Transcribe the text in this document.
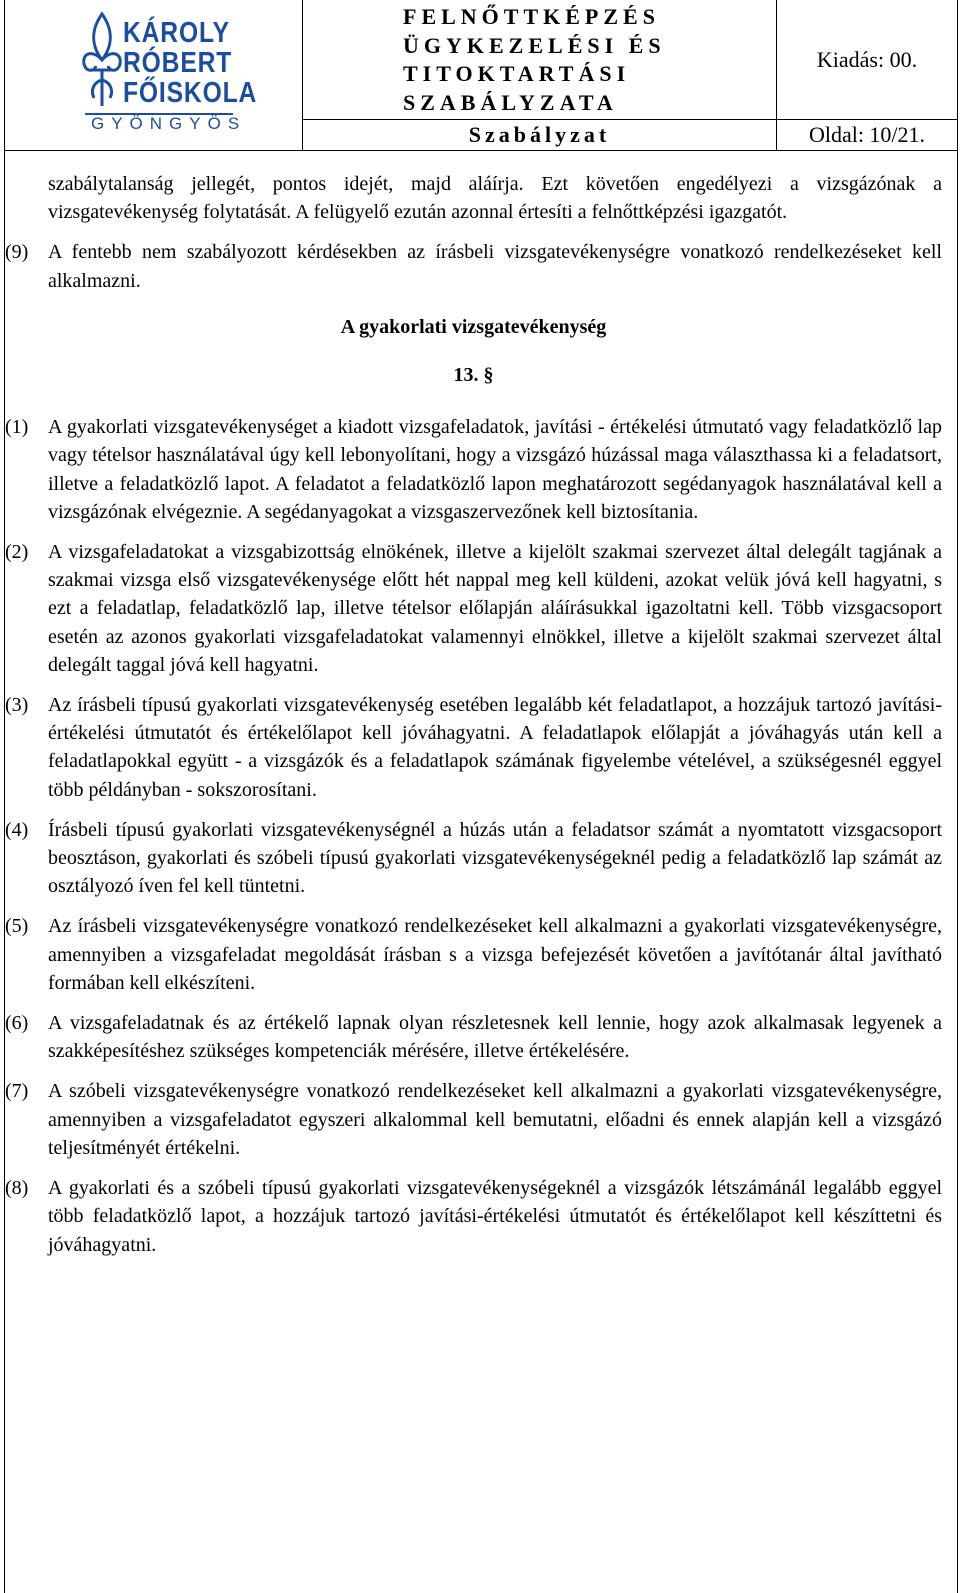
KÁROLY
RÓBERT
FŐISKOLA
GYÖNGYÖS
FELNŐTTKÉPZÉS
ÜGYKEZELÉSI ÉS
TITOKTARTÁSI
SZABÁLYZATA
Kiadás: 00.
Szabályzat	Oldal: 10/21.

szabálytalanság jellegét, pontos idejét, majd aláírja. Ezt követően engedélyezi a vizsgázónak a vizsgatevékenység folytatását. A felügyelő ezután azonnal értesíti a felnőttképzési igazgatót.

(9) A fentebb nem szabályozott kérdésekben az írásbeli vizsgatevékenységre vonatkozó rendelkezéseket kell alkalmazni.
A gyakorlati vizsgatevékenység
13. §
(1) A gyakorlati vizsgatevékenységet a kiadott vizsgafeladatok, javítási - értékelési útmutató vagy feladatközlő lap vagy tételsor használatával úgy kell lebonyolítani, hogy a vizsgázó húzással maga választhassa ki a feladatsort, illetve a feladatközlő lapot. A feladatot a feladatközlő lapon meghatározott segédanyagok használatával kell a vizsgázónak elvégeznie. A segédanyagokat a vizsgaszervezőnek kell biztosítania.
(2) A vizsgafeladatokat a vizsgabizottság elnökének, illetve a kijelölt szakmai szervezet által delegált tagjának a szakmai vizsga első vizsgatevékenysége előtt hét nappal meg kell küldeni, azokat velük jóvá kell hagyatni, s ezt a feladatlap, feladatközlő lap, illetve tételsor előlapján aláírásukkal igazoltatni kell. Több vizsgacsoport esetén az azonos gyakorlati vizsgafeladatokat valamennyi elnökkel, illetve a kijelölt szakmai szervezet által delegált taggal jóvá kell hagyatni.
(3) Az írásbeli típusú gyakorlati vizsgatevékenység esetében legalább két feladatlapot, a hozzájuk tartozó javítási-értékelési útmutatót és értékelőlapot kell jóváhagyatni. A feladatlapok előlapját a jóváhagyás után kell a feladatlapokkal együtt - a vizsgázók és a feladatlapok számának figyelembe vételével, a szükségesnél eggyel több példányban - sokszorosítani.
(4) Írásbeli típusú gyakorlati vizsgatevékenységnél a húzás után a feladatsor számát a nyomtatott vizsgacsoport beosztáson, gyakorlati és szóbeli típusú gyakorlati vizsgatevékenységeknél pedig a feladatközlő lap számát az osztályozó íven fel kell tüntetni.
(5) Az írásbeli vizsgatevékenységre vonatkozó rendelkezéseket kell alkalmazni a gyakorlati vizsgatevékenységre, amennyiben a vizsgafeladat megoldását írásban s a vizsga befejezését követően a javítótanár által javítható formában kell elkészíteni.
(6) A vizsgafeladatnak és az értékelő lapnak olyan részletesnek kell lennie, hogy azok alkalmasak legyenek a szakképesítéshez szükséges kompetenciák mérésére, illetve értékelésére.
(7) A szóbeli vizsgatevékenységre vonatkozó rendelkezéseket kell alkalmazni a gyakorlati vizsgatevékenységre, amennyiben a vizsgafeladatot egyszeri alkalommal kell bemutatni, előadni és ennek alapján kell a vizsgázó teljesítményét értékelni.
(8) A gyakorlati és a szóbeli típusú gyakorlati vizsgatevékenységeknél a vizsgázók létszámánál legalább eggyel több feladatközlő lapot, a hozzájuk tartozó javítási-értékelési útmutatót és értékelőlapot kell készíttetni és jóváhagyatni.
